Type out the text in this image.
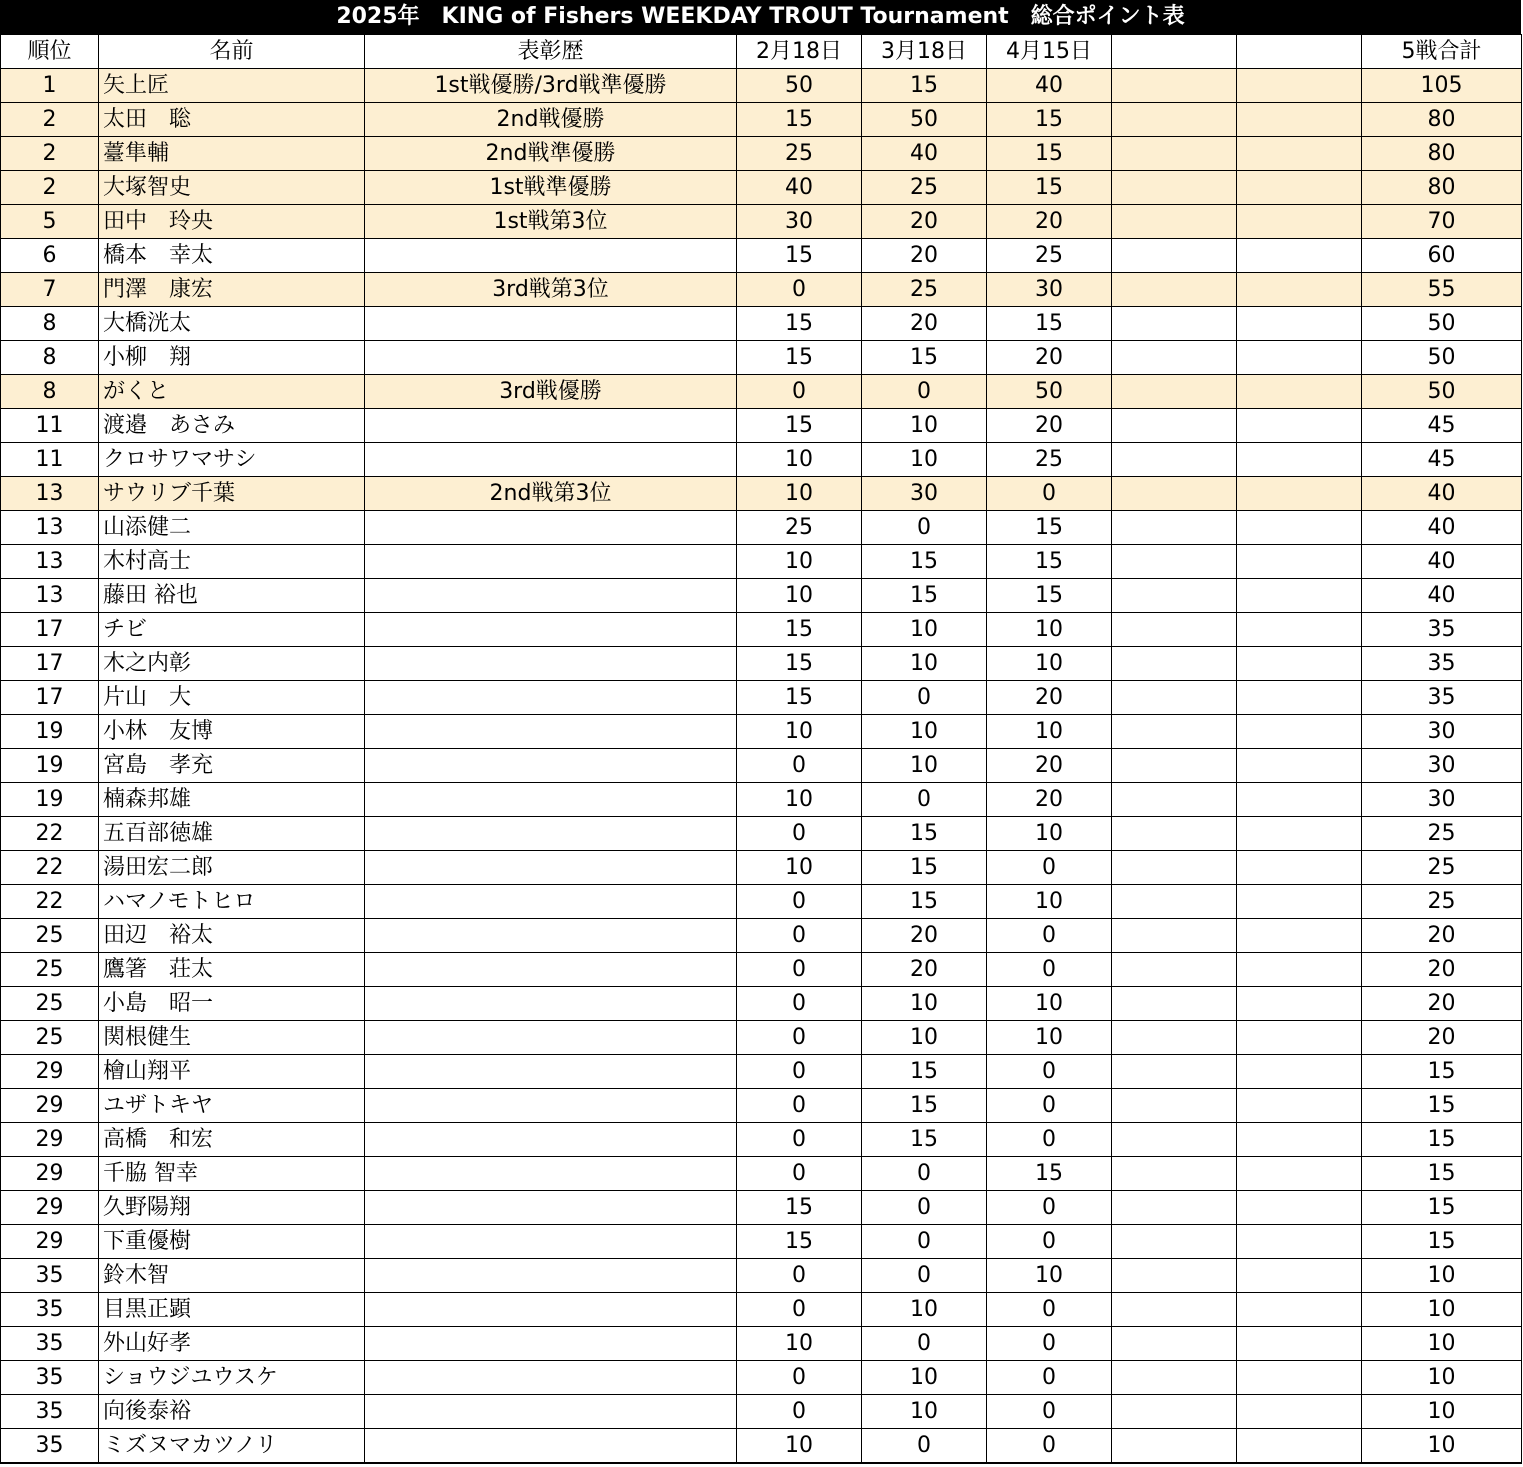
2025年　KING of Fishers WEEKDAY TROUT Tournament　総合ポイント表
順位	名前	表彰歴	2月18日	3月18日	4月15日			5戦合計
1	矢上匠	1st戦優勝/3rd戦準優勝	50	15	40			105
2	太田　聡	2nd戦優勝	15	50	15			80
2	薹隼輔	2nd戦準優勝	25	40	15			80
2	大塚智史	1st戦準優勝	40	25	15			80
5	田中　玲央	1st戦第3位	30	20	20			70
6	橋本　幸太		15	20	25			60
7	門澤　康宏	3rd戦第3位	0	25	30			55
8	大橋洸太		15	20	15			50
8	小柳　翔		15	15	20			50
8	がくと	3rd戦優勝	0	0	50			50
11	渡邉　あさみ		15	10	20			45
11	クロサワマサシ		10	10	25			45
13	サウリブ千葉	2nd戦第3位	10	30	0			40
13	山添健二		25	0	15			40
13	木村高士		10	15	15			40
13	藤田 裕也		10	15	15			40
17	チビ		15	10	10			35
17	木之内彰		15	10	10			35
17	片山　大		15	0	20			35
19	小林　友博		10	10	10			30
19	宮島　孝充		0	10	20			30
19	楠森邦雄		10	0	20			30
22	五百部徳雄		0	15	10			25
22	湯田宏二郎		10	15	0			25
22	ハマノモトヒロ		0	15	10			25
25	田辺　裕太		0	20	0			20
25	鷹箸　荘太		0	20	0			20
25	小島　昭一		0	10	10			20
25	関根健生		0	10	10			20
29	檜山翔平		0	15	0			15
29	ユザトキヤ		0	15	0			15
29	高橋　和宏		0	15	0			15
29	千脇 智幸		0	0	15			15
29	久野陽翔		15	0	0			15
29	下重優樹		15	0	0			15
35	鈴木智		0	0	10			10
35	目黒正顕		0	10	0			10
35	外山好孝		10	0	0			10
35	ショウジユウスケ		0	10	0			10
35	向後泰裕		0	10	0			10
35	ミズヌマカツノリ		10	0	0			10
